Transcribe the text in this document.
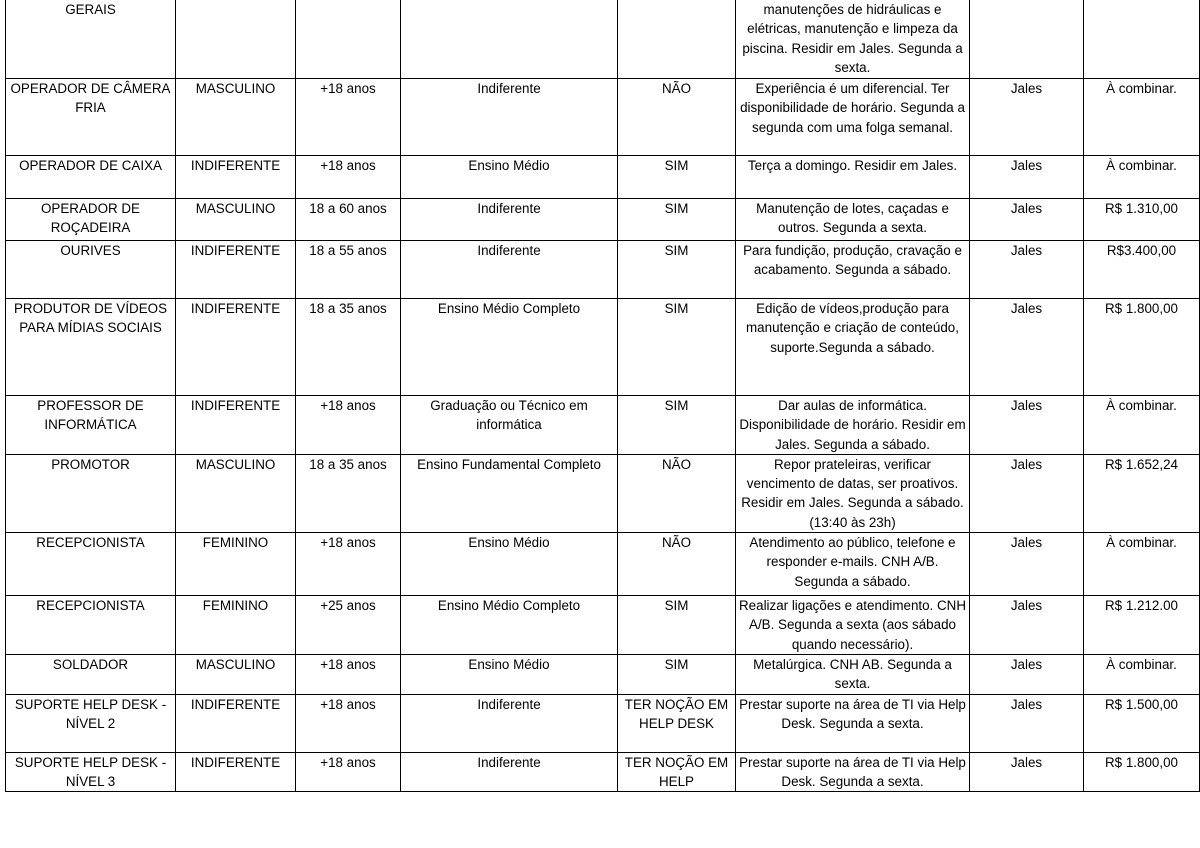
GERAIS					manutenções de hidráulicas e elétricas, manutenção e limpeza da piscina. Residir em Jales. Segunda a sexta.		
OPERADOR DE CÂMERA FRIA	MASCULINO	+18 anos	Indiferente	NÃO	Experiência é um diferencial. Ter disponibilidade de horário. Segunda a segunda com uma folga semanal.	Jales	À combinar.
OPERADOR DE CAIXA	INDIFERENTE	+18 anos	Ensino Médio	SIM	Terça a domingo. Residir em Jales.	Jales	À combinar.
OPERADOR DE ROÇADEIRA	MASCULINO	18 a 60 anos	Indiferente	SIM	Manutenção de lotes, caçadas e outros. Segunda a sexta.	Jales	R$ 1.310,00
OURIVES	INDIFERENTE	18 a 55 anos	Indiferente	SIM	Para fundição, produção, cravação e acabamento. Segunda a sábado.	Jales	R$3.400,00
PRODUTOR DE VÍDEOS PARA MÍDIAS SOCIAIS	INDIFERENTE	18 a 35 anos	Ensino Médio Completo	SIM	Edição de vídeos,produção para manutenção e criação de conteúdo, suporte.Segunda a sábado.	Jales	R$ 1.800,00
PROFESSOR DE INFORMÁTICA	INDIFERENTE	+18 anos	Graduação ou Técnico em informática	SIM	Dar aulas de informática. Disponibilidade de horário. Residir em Jales. Segunda a sábado.	Jales	À combinar.
PROMOTOR	MASCULINO	18 a 35 anos	Ensino Fundamental Completo	NÃO	Repor prateleiras, verificar vencimento de datas, ser proativos. Residir em Jales. Segunda a sábado. (13:40 às 23h)	Jales	R$ 1.652,24
RECEPCIONISTA	FEMININO	+18 anos	Ensino Médio	NÃO	Atendimento ao público, telefone e responder e-mails. CNH A/B. Segunda a sábado.	Jales	À combinar.
RECEPCIONISTA	FEMININO	+25 anos	Ensino Médio Completo	SIM	Realizar ligações e atendimento. CNH A/B. Segunda a sexta (aos sábado quando necessário).	Jales	R$ 1.212.00
SOLDADOR	MASCULINO	+18 anos	Ensino Médio	SIM	Metalúrgica. CNH AB. Segunda a sexta.	Jales	À combinar.
SUPORTE HELP DESK - NÍVEL 2	INDIFERENTE	+18 anos	Indiferente	TER NOÇÃO EM HELP DESK	Prestar suporte na área de TI via Help Desk. Segunda a sexta.	Jales	R$ 1.500,00
SUPORTE HELP DESK - NÍVEL 3	INDIFERENTE	+18 anos	Indiferente	TER NOÇÃO EM HELP	Prestar suporte na área de TI via Help Desk. Segunda a sexta.	Jales	R$ 1.800,00
